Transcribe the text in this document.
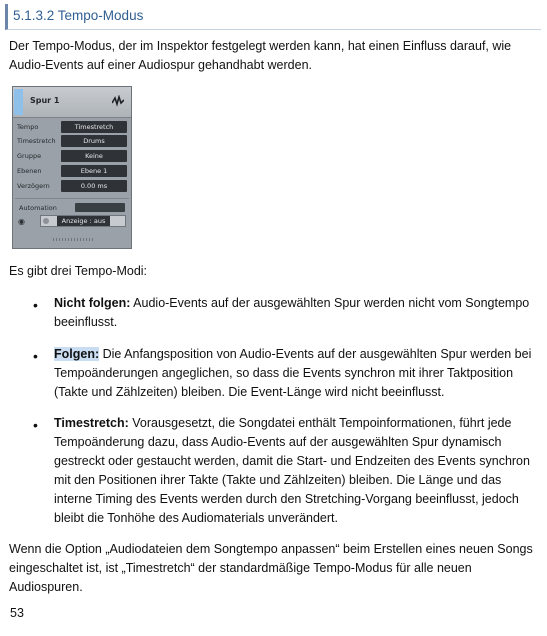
5.1.3.2 Tempo-Modus
Der Tempo-Modus, der im Inspektor festgelegt werden kann, hat einen Einfluss darauf, wie
Audio-Events auf einer Audiospur gehandhabt werden.
Spur 1
Tempo	Timestretch
Timestretch	Drums
Gruppe	Keine
Ebenen	Ebene 1
Verzögern	0.00 ms
Automation
◉	Anzeige : aus
Es gibt drei Tempo-Modi:
• Nicht folgen: Audio-Events auf der ausgewählten Spur werden nicht vom Songtempo
beeinflusst.
• Folgen: Die Anfangsposition von Audio-Events auf der ausgewählten Spur werden bei
Tempoänderungen angeglichen, so dass die Events synchron mit ihrer Taktposition
(Takte und Zählzeiten) bleiben. Die Event-Länge wird nicht beeinflusst.
• Timestretch: Vorausgesetzt, die Songdatei enthält Tempoinformationen, führt jede
Tempoänderung dazu, dass Audio-Events auf der ausgewählten Spur dynamisch
gestreckt oder gestaucht werden, damit die Start- und Endzeiten des Events synchron
mit den Positionen ihrer Takte (Takte und Zählzeiten) bleiben. Die Länge und das
interne Timing des Events werden durch den Stretching-Vorgang beeinflusst, jedoch
bleibt die Tonhöhe des Audiomaterials unverändert.
Wenn die Option „Audiodateien dem Songtempo anpassen“ beim Erstellen eines neuen Songs
eingeschaltet ist, ist „Timestretch“ der standardmäßige Tempo-Modus für alle neuen Audiospuren.
53
